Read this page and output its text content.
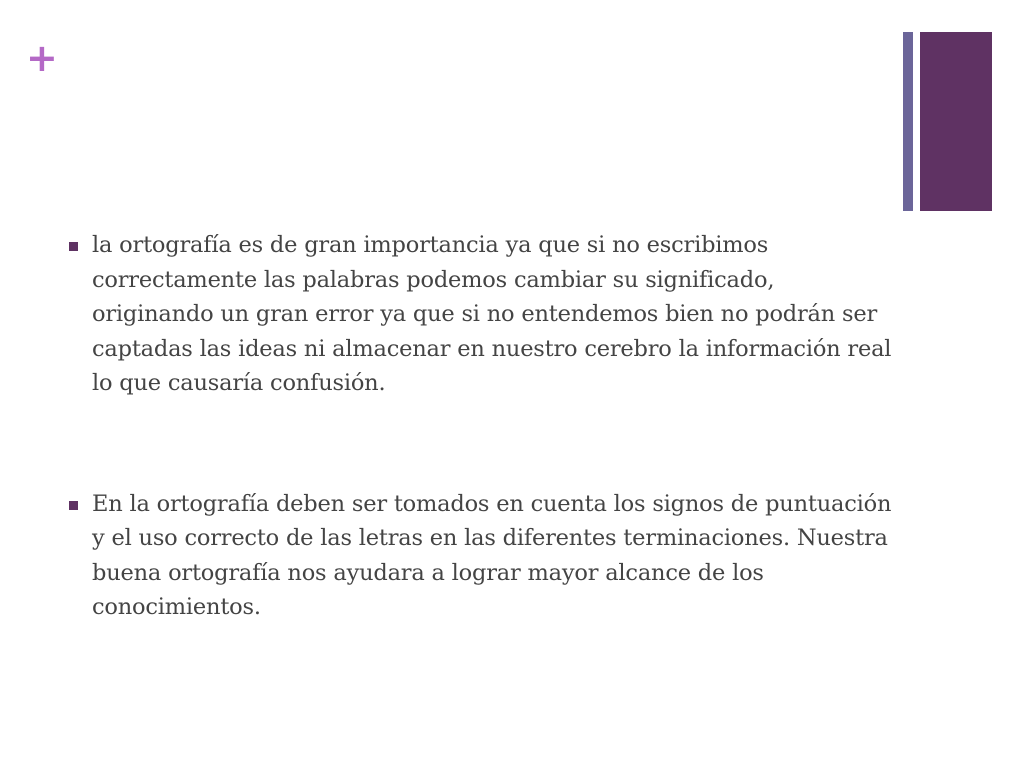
+
la ortografía es de gran importancia ya que si no escribimos correctamente las palabras podemos cambiar su significado, originando un gran error ya que si no entendemos bien no podrán ser captadas las ideas ni almacenar en nuestro cerebro la información real lo que causaría confusión.
En la ortografía deben ser tomados en cuenta los signos de puntuación y el uso correcto de las letras en las diferentes terminaciones. Nuestra buena ortografía nos ayudara a lograr mayor alcance de los conocimientos.
